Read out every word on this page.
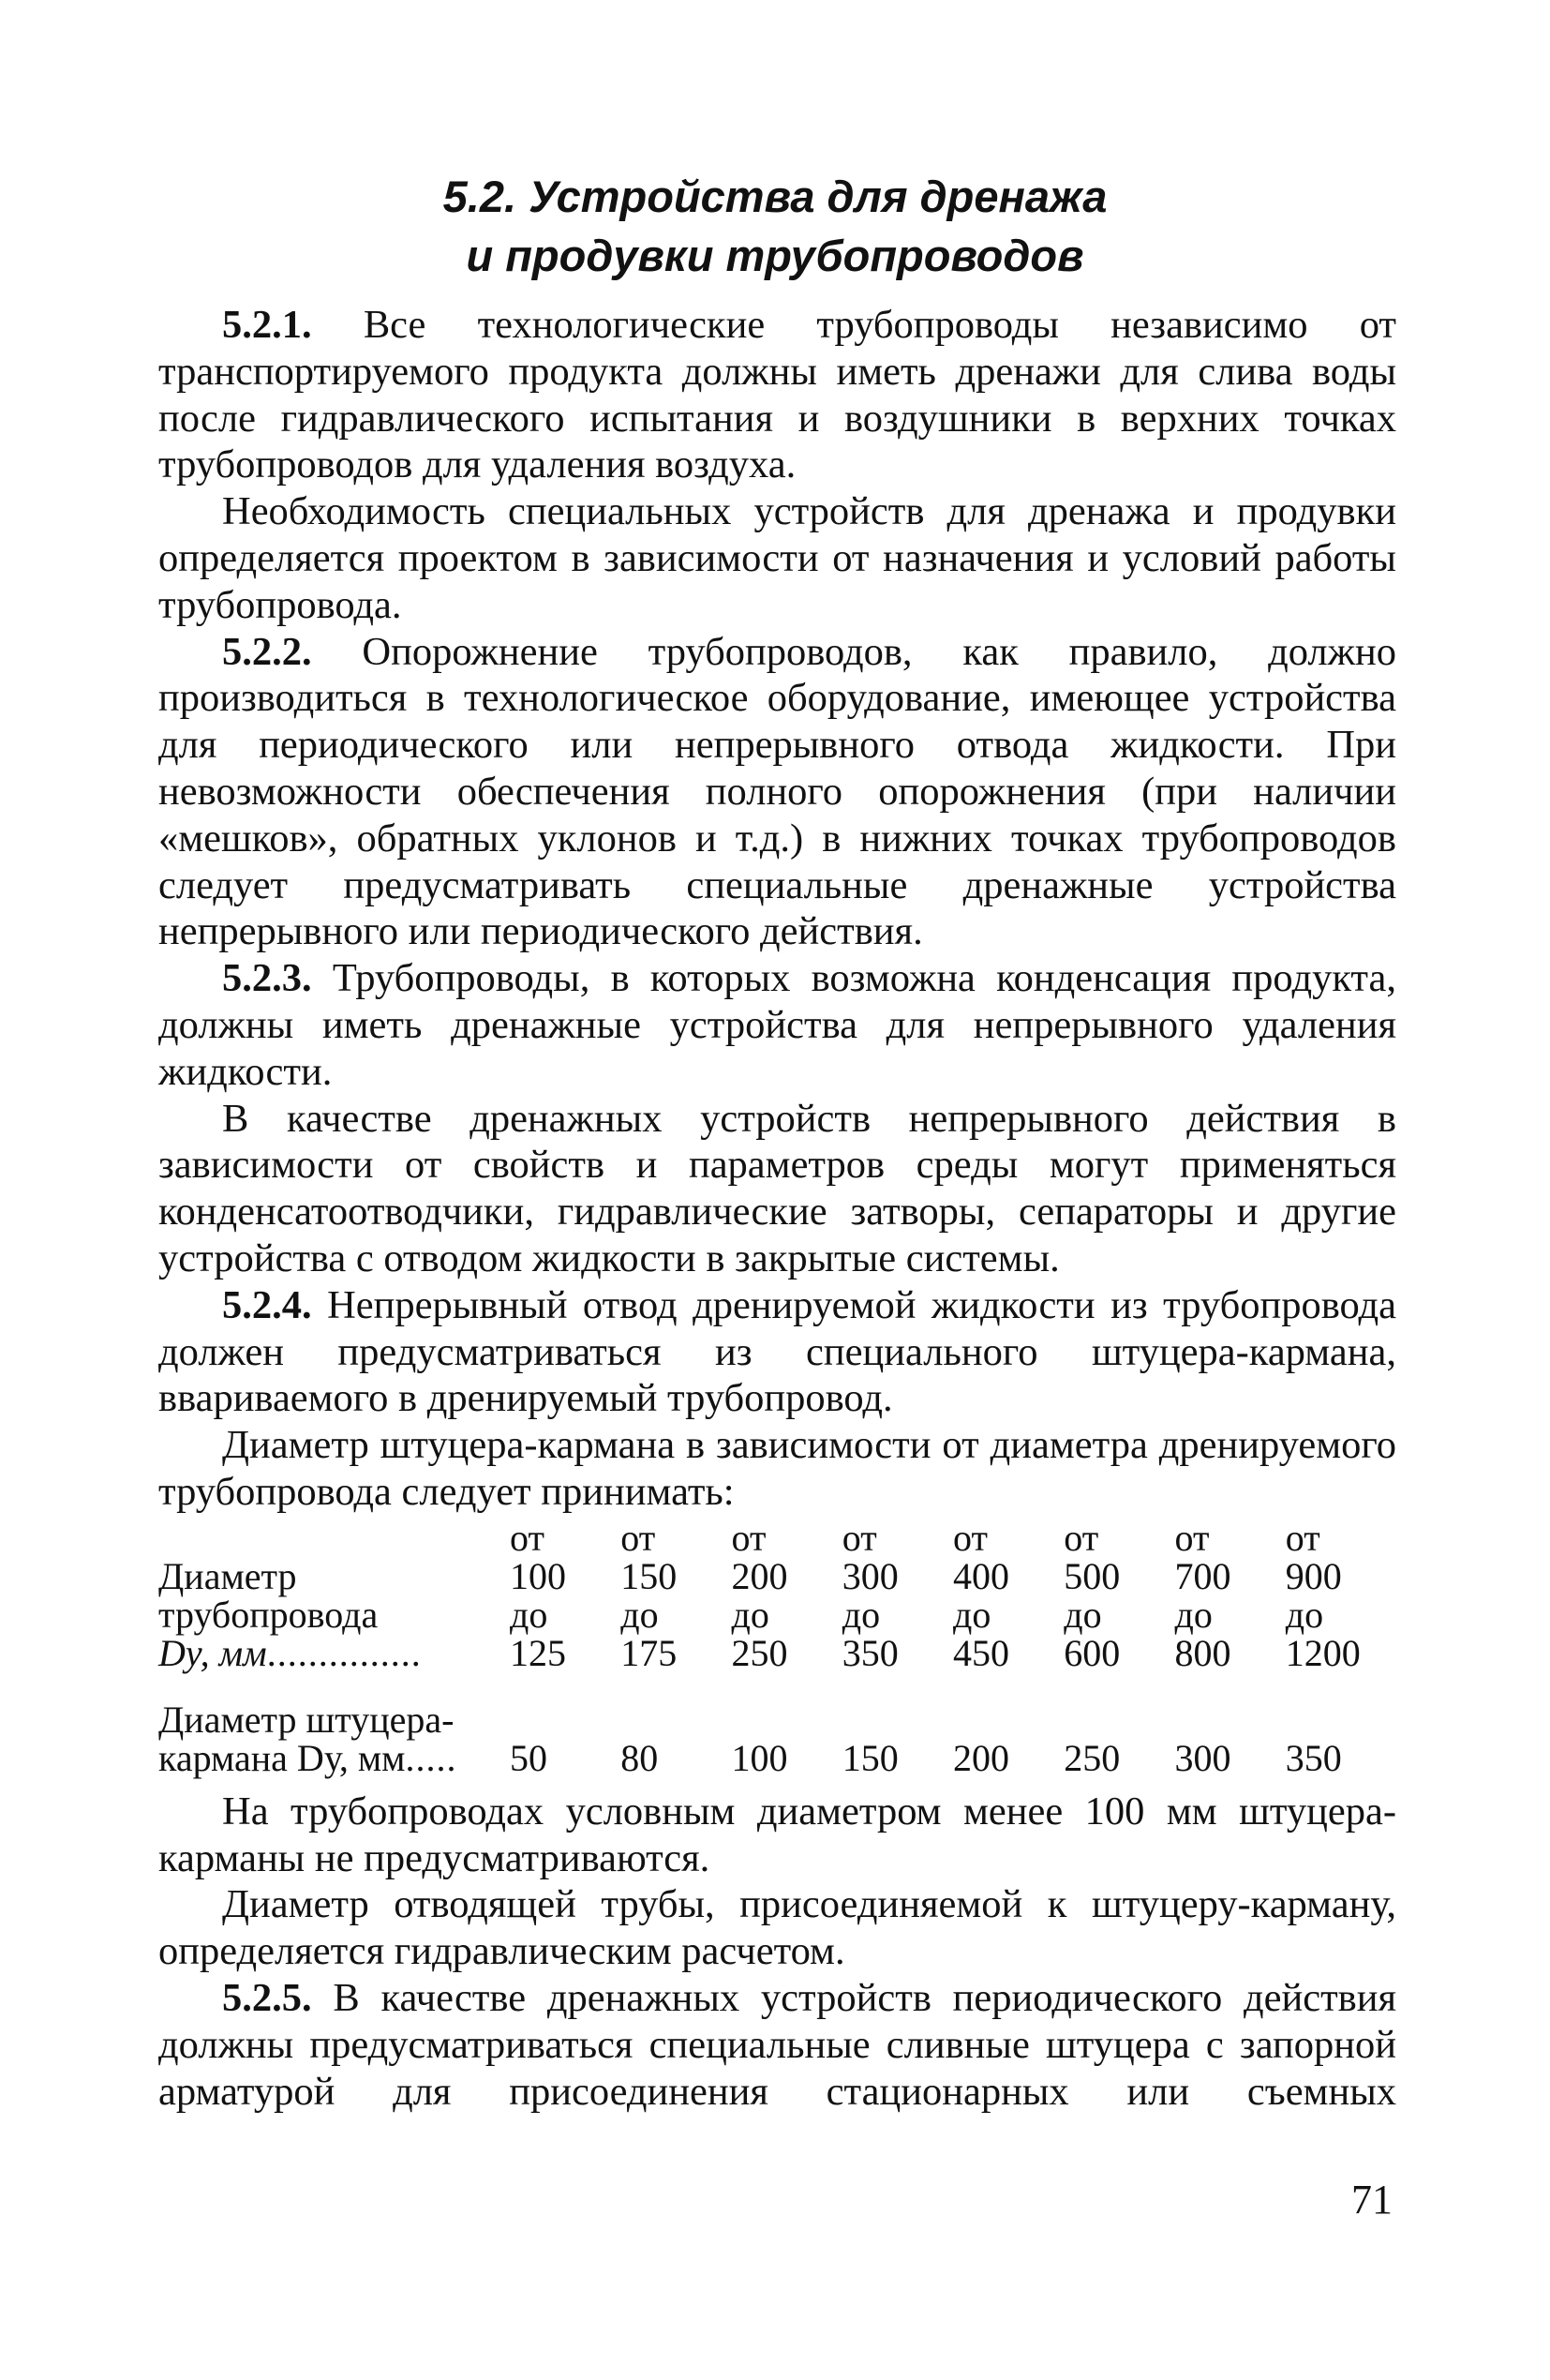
5.2. Устройства для дренажа
и продувки трубопроводов
5.2.1. Все технологические трубопроводы независимо от транспортируемого продукта должны иметь дренажи для слива воды после гидравлического испытания и воздушники в верхних точках трубопроводов для удаления воздуха.
Необходимость специальных устройств для дренажа и продувки определяется проектом в зависимости от назначения и условий работы трубопровода.
5.2.2. Опорожнение трубопроводов, как правило, должно производиться в технологическое оборудование, имеющее устройства для периодического или непрерывного отвода жидкости. При невозможности обеспечения полного опорожнения (при наличии «мешков», обратных уклонов и т.д.) в нижних точках трубопроводов следует предусматривать специальные дренажные устройства непрерывного или периодического действия.
5.2.3. Трубопроводы, в которых возможна конденсация продукта, должны иметь дренажные устройства для непрерывного удаления жидкости.
В качестве дренажных устройств непрерывного действия в зависимости от свойств и параметров среды могут применяться конденсатоотводчики, гидравлические затворы, сепараторы и другие устройства с отводом жидкости в закрытые системы.
5.2.4. Непрерывный отвод дренируемой жидкости из трубопровода должен предусматриваться из специального штуцера-кармана, ввариваемого в дренируемый трубопровод.
Диаметр штуцера-кармана в зависимости от диаметра дренируемого трубопровода следует принимать:
	от	от	от	от	от	от	от	от
Диаметр	100	150	200	300	400	500	700	900
трубопровода	до	до	до	до	до	до	до	до
Dу, мм...............	125	175	250	350	450	600	800	1200

Диаметр штуцера-								
кармана Dу, мм.....	50	80	100	150	200	250	300	350
На трубопроводах условным диаметром менее 100 мм штуцера-карманы не предусматриваются.
Диаметр отводящей трубы, присоединяемой к штуцеру-карману, определяется гидравлическим расчетом.
5.2.5. В качестве дренажных устройств периодического действия должны предусматриваться специальные сливные штуцера с запорной арматурой для присоединения стационарных или съемных
71
